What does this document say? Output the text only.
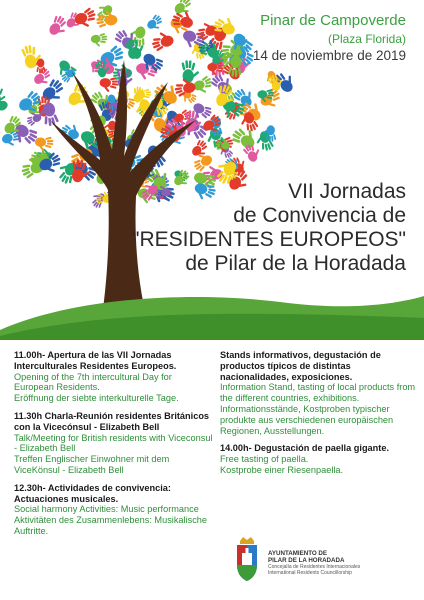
Pinar de Campoverde
(Plaza Florida)
14 de noviembre de 2019
VII Jornadas
de Convivencia de
"RESIDENTES EUROPEOS"
de Pilar de la Horadada
11.00h- Apertura de las VII Jornadas Interculturales Residentes Europeos.
Opening of the 7th intercultural Day for European Residents.
Eröffnung der siebte interkulturelle Tage.
11.30h Charla-Reunión residentes Británicos con la Vicecónsul - Elizabeth Bell
Talk/Meeting for British residents with Viceconsul - Elizabeth Bell
Treffen Englischer Einwohner mit dem ViceKönsul - Elizabeth Bell
12.30h- Actividades de convivencia: Actuaciones musicales.
Social harmony Activities: Music performance
Aktivitäten des Zusammenlebens: Musikalische Auftritte.
Stands informativos, degustación de productos típicos de distintas nacionalidades, exposiciones.
Information Stand, tasting of local products from the different countries, exhibitions.
Informationsstände, Kostproben typischer produkte aus verschiedenen europäischen Regionen, Ausstellungen.
14.00h- Degustación de paella gigante.
Free tasting of paella.
Kostprobe einer Riesenpaella.
AYUNTAMIENTO DE
PILAR DE LA HORADADA
Concejalía de Residentes Internacionales
International Residents Councillorship
